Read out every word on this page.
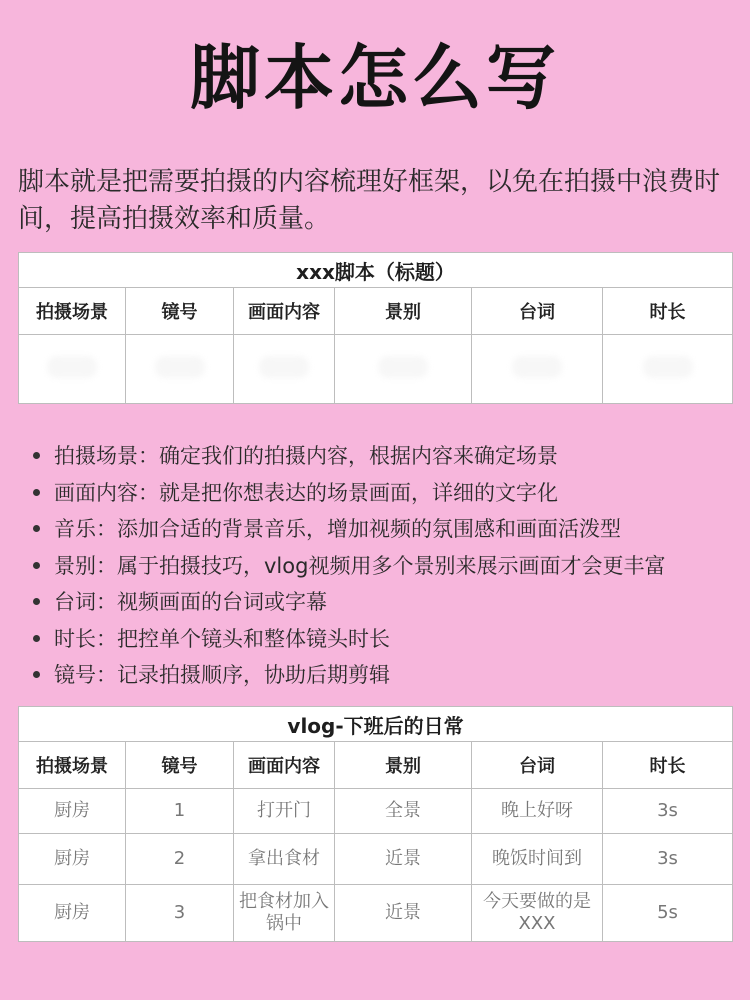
脚本怎么写
脚本就是把需要拍摄的内容梳理好框架，以免在拍摄中浪费时间，提高拍摄效率和质量。
xxx脚本（标题）					
拍摄场景	镜号	画面内容	景别	台词	时长

拍摄场景：确定我们的拍摄内容，根据内容来确定场景
画面内容：就是把你想表达的场景画面，详细的文字化
音乐：添加合适的背景音乐，增加视频的氛围感和画面活泼型
景别：属于拍摄技巧，vlog视频用多个景别来展示画面才会更丰富
台词：视频画面的台词或字幕
时长：把控单个镜头和整体镜头时长
镜号：记录拍摄顺序，协助后期剪辑
vlog-下班后的日常					
拍摄场景	镜号	画面内容	景别	台词	时长
厨房	1	打开门	全景	晚上好呀	3s
厨房	2	拿出食材	近景	晚饭时间到	3s
厨房	3	把食材加入锅中	近景	今天要做的是XXX	5s
